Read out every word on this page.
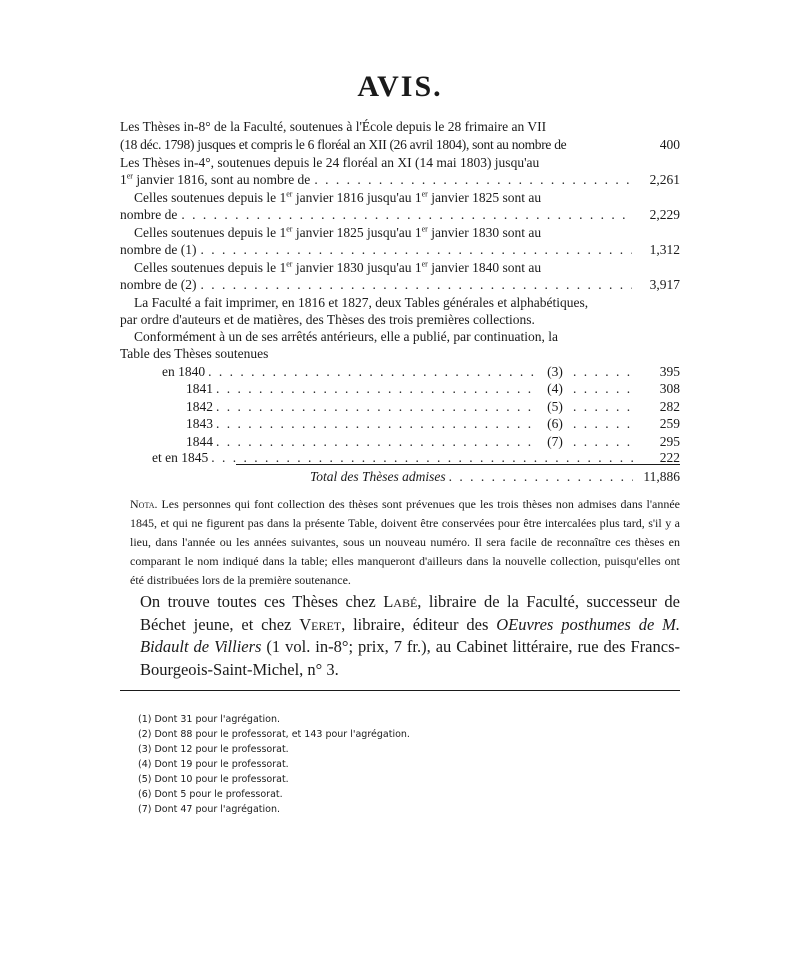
AVIS.
Les Thèses in-8° de la Faculté, soutenues à l'École depuis le 28 frimaire an VII
(18 déc. 1798) jusques et compris le 6 floréal an XII (26 avril 1804), sont au nombre de	400
Les Thèses in-4°, soutenues depuis le 24 floréal an XI (14 mai 1803) jusqu'au
1er janvier 1816, sont au nombre de . . .	2,261
Celles soutenues depuis le 1er janvier 1816 jusqu'au 1er janvier 1825 sont au
nombre de . . .	2,229
Celles soutenues depuis le 1er janvier 1825 jusqu'au 1er janvier 1830 sont au
nombre de (1) . . .	1,312
Celles soutenues depuis le 1er janvier 1830 jusqu'au 1er janvier 1840 sont au
nombre de (2) . . .	3,917
La Faculté a fait imprimer, en 1816 et 1827, deux Tables générales et alphabétiques,
par ordre d'auteurs et de matières, des Thèses des trois premières collections.
Conformément à un de ses arrêtés antérieurs, elle a publié, par continuation, la
Table des Thèses soutenues
en 1840 . . .	(3) . . .	395
1841 . . .	(4) . . .	308
1842 . . .	(5) . . .	282
1843 . . .	(6) . . .	259
1844 . . .	(7) . . .	295
et en 1845 . . .	222
Total des Thèses admises . . .	11,886
Nota. Les personnes qui font collection des thèses sont prévenues que les trois thèses non admises dans l'année 1845, et qui ne figurent pas dans la présente Table, doivent être conservées pour être intercalées plus tard, s'il y a lieu, dans l'année ou les années suivantes, sous un nouveau numéro. Il sera facile de reconnaître ces thèses en comparant le nom indiqué dans la table; elles manqueront d'ailleurs dans la nouvelle collection, puisqu'elles ont été distribuées lors de la première soutenance.
On trouve toutes ces Thèses chez Labé, libraire de la Faculté, successeur de Béchet jeune, et chez Veret, libraire, éditeur des OEuvres posthumes de M. Bidault de Villiers (1 vol. in-8°; prix, 7 fr.), au Cabinet littéraire, rue des Francs-Bourgeois-Saint-Michel, n° 3.
(1) Dont 31 pour l'agrégation.
(2) Dont 88 pour le professorat, et 143 pour l'agrégation.
(3) Dont 12 pour le professorat.
(4) Dont 19 pour le professorat.
(5) Dont 10 pour le professorat.
(6) Dont 5 pour le professorat.
(7) Dont 47 pour l'agrégation.
